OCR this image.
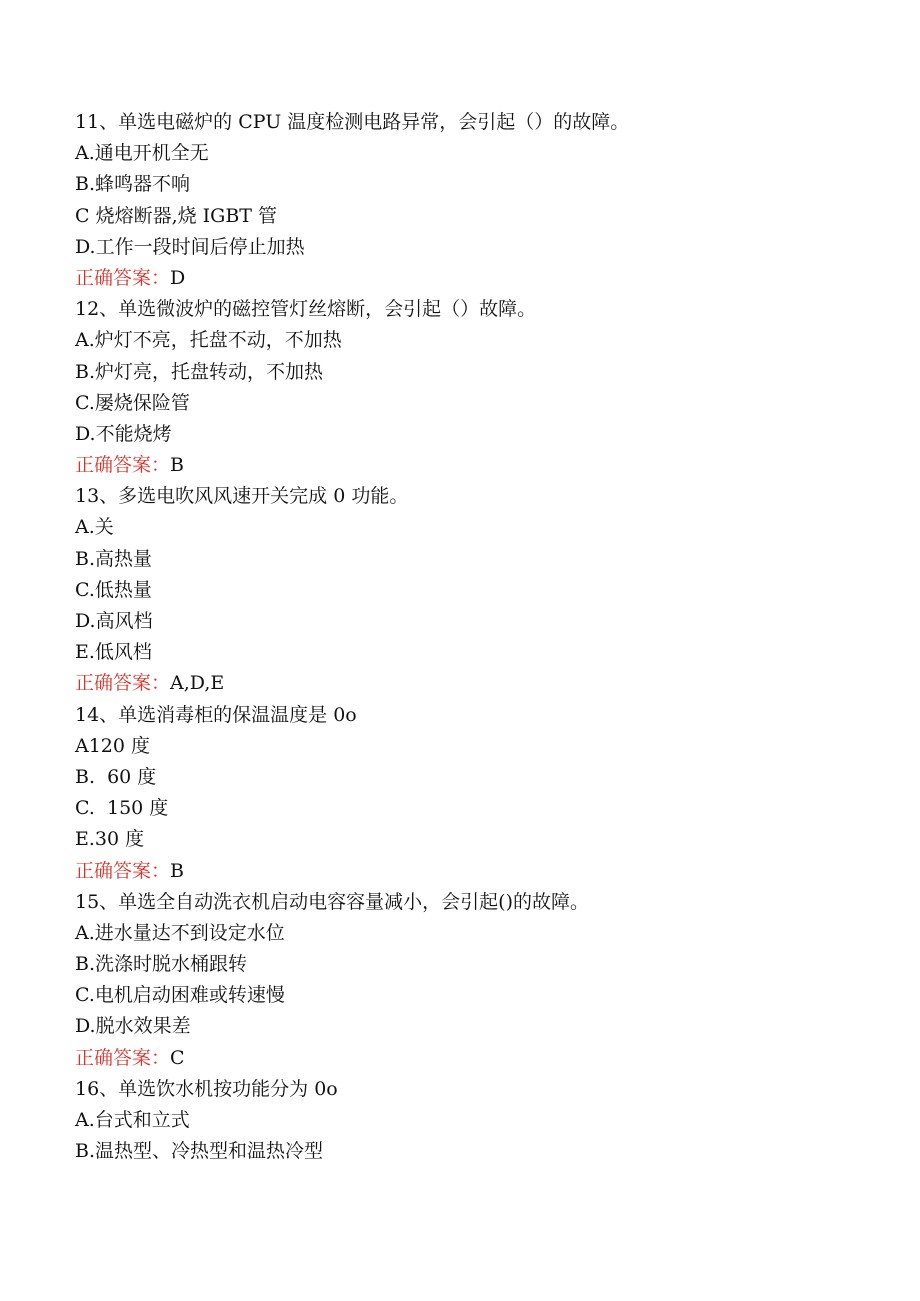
11、单选电磁炉的 CPU 温度检测电路异常，会引起（）的故障。
A.通电开机全无
B.蜂鸣器不响
C 烧熔断器,烧 IGBT 管
D.工作一段时间后停止加热
正确答案：D
12、单选微波炉的磁控管灯丝熔断，会引起（）故障。
A.炉灯不亮，托盘不动，不加热
B.炉灯亮，托盘转动，不加热
C.屡烧保险管
D.不能烧烤
正确答案：B
13、多选电吹风风速开关完成 0 功能。
A.关
B.高热量
C.低热量
D.高风档
E.低风档
正确答案：A,D,E
14、单选消毒柜的保温温度是 0o
A120 度
B.  60 度
C.  150 度
E.30 度
正确答案：B
15、单选全自动洗衣机启动电容容量减小，会引起()的故障。
A.进水量达不到设定水位
B.洗涤时脱水桶跟转
C.电机启动困难或转速慢
D.脱水效果差
正确答案：C
16、单选饮水机按功能分为 0o
A.台式和立式
B.温热型、冷热型和温热冷型
